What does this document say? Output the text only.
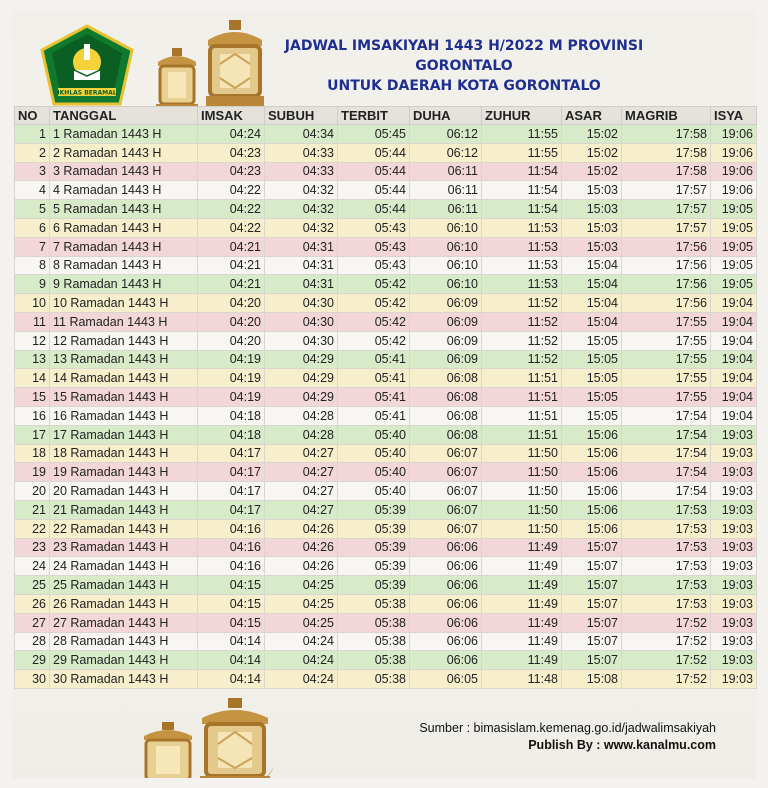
IKHLAS BERAMAL
JADWAL IMSAKIYAH 1443 H/2022 M PROVINSI
GORONTALO
UNTUK DAERAH KOTA GORONTALO
Sumber : bimasislam.kemenag.go.id/jadwalimsakiyah
Publish By : www.kanalmu.com
NO	TANGGAL	IMSAK	SUBUH	TERBIT	DUHA	ZUHUR	ASAR	MAGRIB	ISYA
1	1 Ramadan 1443 H	04:24	04:34	05:45	06:12	11:55	15:02	17:58	19:06
2	2 Ramadan 1443 H	04:23	04:33	05:44	06:12	11:55	15:02	17:58	19:06
3	3 Ramadan 1443 H	04:23	04:33	05:44	06:11	11:54	15:02	17:58	19:06
4	4 Ramadan 1443 H	04:22	04:32	05:44	06:11	11:54	15:03	17:57	19:06
5	5 Ramadan 1443 H	04:22	04:32	05:44	06:11	11:54	15:03	17:57	19:05
6	6 Ramadan 1443 H	04:22	04:32	05:43	06:10	11:53	15:03	17:57	19:05
7	7 Ramadan 1443 H	04:21	04:31	05:43	06:10	11:53	15:03	17:56	19:05
8	8 Ramadan 1443 H	04:21	04:31	05:43	06:10	11:53	15:04	17:56	19:05
9	9 Ramadan 1443 H	04:21	04:31	05:42	06:10	11:53	15:04	17:56	19:05
10	10 Ramadan 1443 H	04:20	04:30	05:42	06:09	11:52	15:04	17:56	19:04
11	11 Ramadan 1443 H	04:20	04:30	05:42	06:09	11:52	15:04	17:55	19:04
12	12 Ramadan 1443 H	04:20	04:30	05:42	06:09	11:52	15:05	17:55	19:04
13	13 Ramadan 1443 H	04:19	04:29	05:41	06:09	11:52	15:05	17:55	19:04
14	14 Ramadan 1443 H	04:19	04:29	05:41	06:08	11:51	15:05	17:55	19:04
15	15 Ramadan 1443 H	04:19	04:29	05:41	06:08	11:51	15:05	17:55	19:04
16	16 Ramadan 1443 H	04:18	04:28	05:41	06:08	11:51	15:05	17:54	19:04
17	17 Ramadan 1443 H	04:18	04:28	05:40	06:08	11:51	15:06	17:54	19:03
18	18 Ramadan 1443 H	04:17	04:27	05:40	06:07	11:50	15:06	17:54	19:03
19	19 Ramadan 1443 H	04:17	04:27	05:40	06:07	11:50	15:06	17:54	19:03
20	20 Ramadan 1443 H	04:17	04:27	05:40	06:07	11:50	15:06	17:54	19:03
21	21 Ramadan 1443 H	04:17	04:27	05:39	06:07	11:50	15:06	17:53	19:03
22	22 Ramadan 1443 H	04:16	04:26	05:39	06:07	11:50	15:06	17:53	19:03
23	23 Ramadan 1443 H	04:16	04:26	05:39	06:06	11:49	15:07	17:53	19:03
24	24 Ramadan 1443 H	04:16	04:26	05:39	06:06	11:49	15:07	17:53	19:03
25	25 Ramadan 1443 H	04:15	04:25	05:39	06:06	11:49	15:07	17:53	19:03
26	26 Ramadan 1443 H	04:15	04:25	05:38	06:06	11:49	15:07	17:53	19:03
27	27 Ramadan 1443 H	04:15	04:25	05:38	06:06	11:49	15:07	17:52	19:03
28	28 Ramadan 1443 H	04:14	04:24	05:38	06:06	11:49	15:07	17:52	19:03
29	29 Ramadan 1443 H	04:14	04:24	05:38	06:06	11:49	15:07	17:52	19:03
30	30 Ramadan 1443 H	04:14	04:24	05:38	06:05	11:48	15:08	17:52	19:03
